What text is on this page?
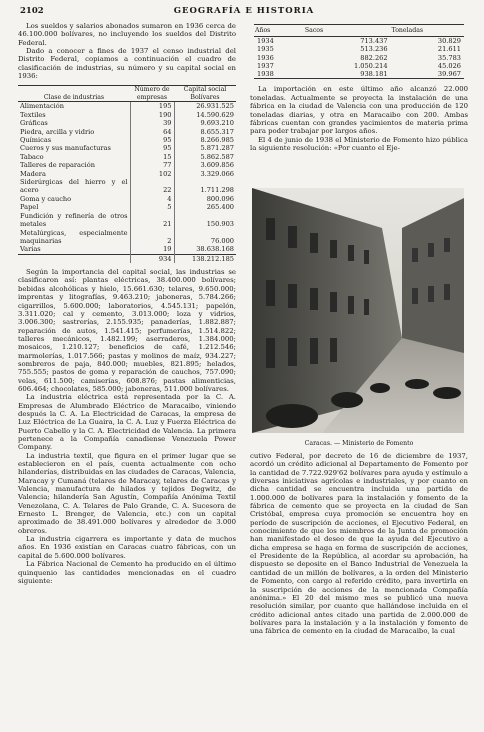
2102	GEOGRAFÍA E HISTORIA

Los sueldos y salarios abonados sumaron en 1936 cerca de 46.100.000 bolívares, no incluyendo los sueldos del Distrito Federal.

Dado a conocer a fines de 1937 el censo industrial del Distrito Federal, copiamos a continuación el cuadro de clasificación de industrias, su número y su capital social en 1936:

Clase de industrias	Número de empresas	Capital social
Bolívares

Alimentación	195	26.931.525
Textiles	190	14.590.629
Gráficas	39	9.693.210
Piedra, arcilla y vidrio	64	8.655.317
Químicas	95	8.266.985
Cueros y sus manufacturas	95	5.871.287
Tabaco	15	5.862.587
Talleres de reparación	77	3.609.856
Madera	102	3.329.066
Siderúrgicas del hierro y el acero	22	1.711.298
Goma y caucho	4	800.096
Papel	5	265.400
Fundición y refinería de otros metales	21	150.903
Metalúrgicas, especialmente maquinarias	2	76.000
Varias	19	38.638.168
	934	138.212.185

Según la importancia del capital social, las industrias se clasificaron así: plantas eléctricas, 38.400.000 bolívares; bebidas alcohólicas y hielo, 15.661.630; telares, 9.650.000; imprentas y litografías, 9.463.210; jaboneras, 5.784.266; cigarrillos, 5.600.000; laboratorios, 4.545.131; papelón, 3.311.020; cal y cemento, 3.013.000; loza y vidrios, 3.006.300; sastrerías, 2.155.935; panaderías, 1.882.887; reparación de autos, 1.541.415; perfumerías, 1.514.822; talleres mecánicos, 1.482.199; aserraderos, 1.384.000; mosaicos, 1.210.127; beneficios de café, 1.212.546; marmolerías, 1.017.566; pastas y molinos de maíz, 934.227; sombreros de paja, 840.000; muebles, 821.895; helados, 755.555; pastos de goma y reparación de cauchos, 757.090; velas, 611.500; camiserías, 608.876; pastas alimenticias, 606.464; chocolates, 585.000; jaboneras, 511.000 bolívares.

La industria eléctrica está representada por la C. A. Empresas de Alumbrado Eléctrico de Maracaibo, viniendo después la C. A. La Electricidad de Caracas, la empresa de Luz Eléctrica de La Guaira, la C. A. Luz y Fuerza Eléctrica de Puerto Cabello y la C. A. Electricidad de Valencia. La primera pertenece a la Compañía canadiense Venezuela Power Company.

La industria textil, que figura en el primer lugar que se establecieron en el país, cuenta actualmente con ocho hilanderías, distribuidas en las ciudades de Caracas, Valencia, Maracay y Cumaná (telares de Maracay, telares de Caracas y Valencia, manufactura de hilados y tejidos Degwitz, de Valencia; hilandería San Agustín, Compañía Anónima Textil Venezolana, C. A. Telares de Palo Grande, C. A. Sucesora de Ernesto L. Brenger, de Valencia, etc.) con un capital aproximado de 38.491.000 bolívares y alrededor de 3.000 obreros.

La industria cigarrera es importante y data de muchos años. En 1936 existían en Caracas cuatro fábricas, con un capital de 5.600.000 bolívares.

La Fábrica Nacional de Cemento ha producido en el último quinquenio las cantidades mencionadas en el cuadro siguiente:

Años	Sacos	Toneladas
1934	713.437	30.829
1935	513.236	21.611
1936	882.262	35.783
1937	1.050.214	45.026
1938	938.181	39.967

La importación en este último año alcanzó 22.000 toneladas. Actualmente se proyecta la instalación de una fábrica en la ciudad de Valencia con una producción de 120 toneladas diarias, y otra en Maracaibo con 200. Ambas fábricas cuentan con grandes yacimientos de materia prima para poder trabajar por largos años.

El 4 de junio de 1938 el Ministerio de Fomento hizo pública la siguiente resolución: «Por cuanto el Eje-

Caracas. — Ministerio de Fomento

cutivo Federal, por decreto de 16 de diciembre de 1937, acordó un crédito adicional al Departamento de Fomento por la cantidad de 7.722.929'62 bolívares para ayuda y estímulo a diversas iniciativas agrícolas e industriales, y por cuanto en dicha cantidad se encuentra incluida una partida de 1.000.000 de bolívares para la instalación y fomento de la fábrica de cemento que se proyecta en la ciudad de San Cristóbal, empresa cuya promoción se encuentra hoy en período de suscripción de acciones, el Ejecutivo Federal, en conocimiento de que los miembros de la Junta de promoción han manifestado el deseo de que la ayuda del Ejecutivo a dicha empresa se haga en forma de suscripción de acciones, el Presidente de la República, al acordar su aprobación, ha dispuesto se deposite en el Banco Industrial de Venezuela la cantidad de un millón de bolívares, a la orden del Ministerio de Fomento, con cargo al referido crédito, para invertirla en la suscripción de acciones de la mencionada Compañía anónima.» El 20 del mismo mes se publicó una nueva resolución similar, por cuanto que hallándose incluida en el crédito adicional antes citado una partida de 2.000.000 de bolívares para la instalación y a la instalación y fomento de una fábrica de cemento en la ciudad de Maracaibo, la cual
